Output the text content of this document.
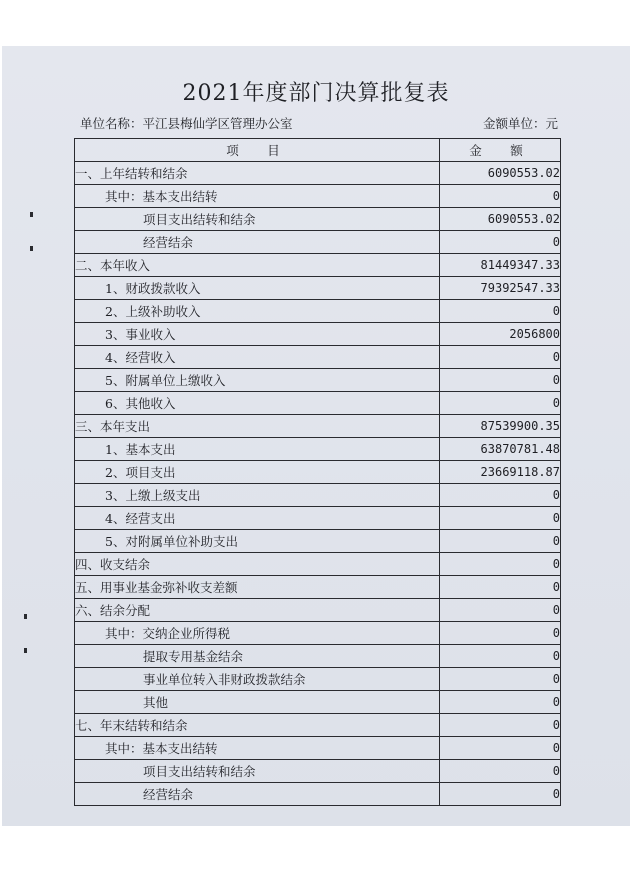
2021年度部门决算批复表
单位名称：平江县梅仙学区管理办公室	金额单位：元
项　目	金　额
一、上年结转和结余	6090553.02
其中：基本支出结转	0
项目支出结转和结余	6090553.02
经营结余	0
二、本年收入	81449347.33
1、财政拨款收入	79392547.33
2、上级补助收入	0
3、事业收入	2056800
4、经营收入	0
5、附属单位上缴收入	0
6、其他收入	0
三、本年支出	87539900.35
1、基本支出	63870781.48
2、项目支出	23669118.87
3、上缴上级支出	0
4、经营支出	0
5、对附属单位补助支出	0
四、收支结余	0
五、用事业基金弥补收支差额	0
六、结余分配	0
其中：交纳企业所得税	0
提取专用基金结余	0
事业单位转入非财政拨款结余	0
其他	0
七、年末结转和结余	0
其中：基本支出结转	0
项目支出结转和结余	0
经营结余	0
